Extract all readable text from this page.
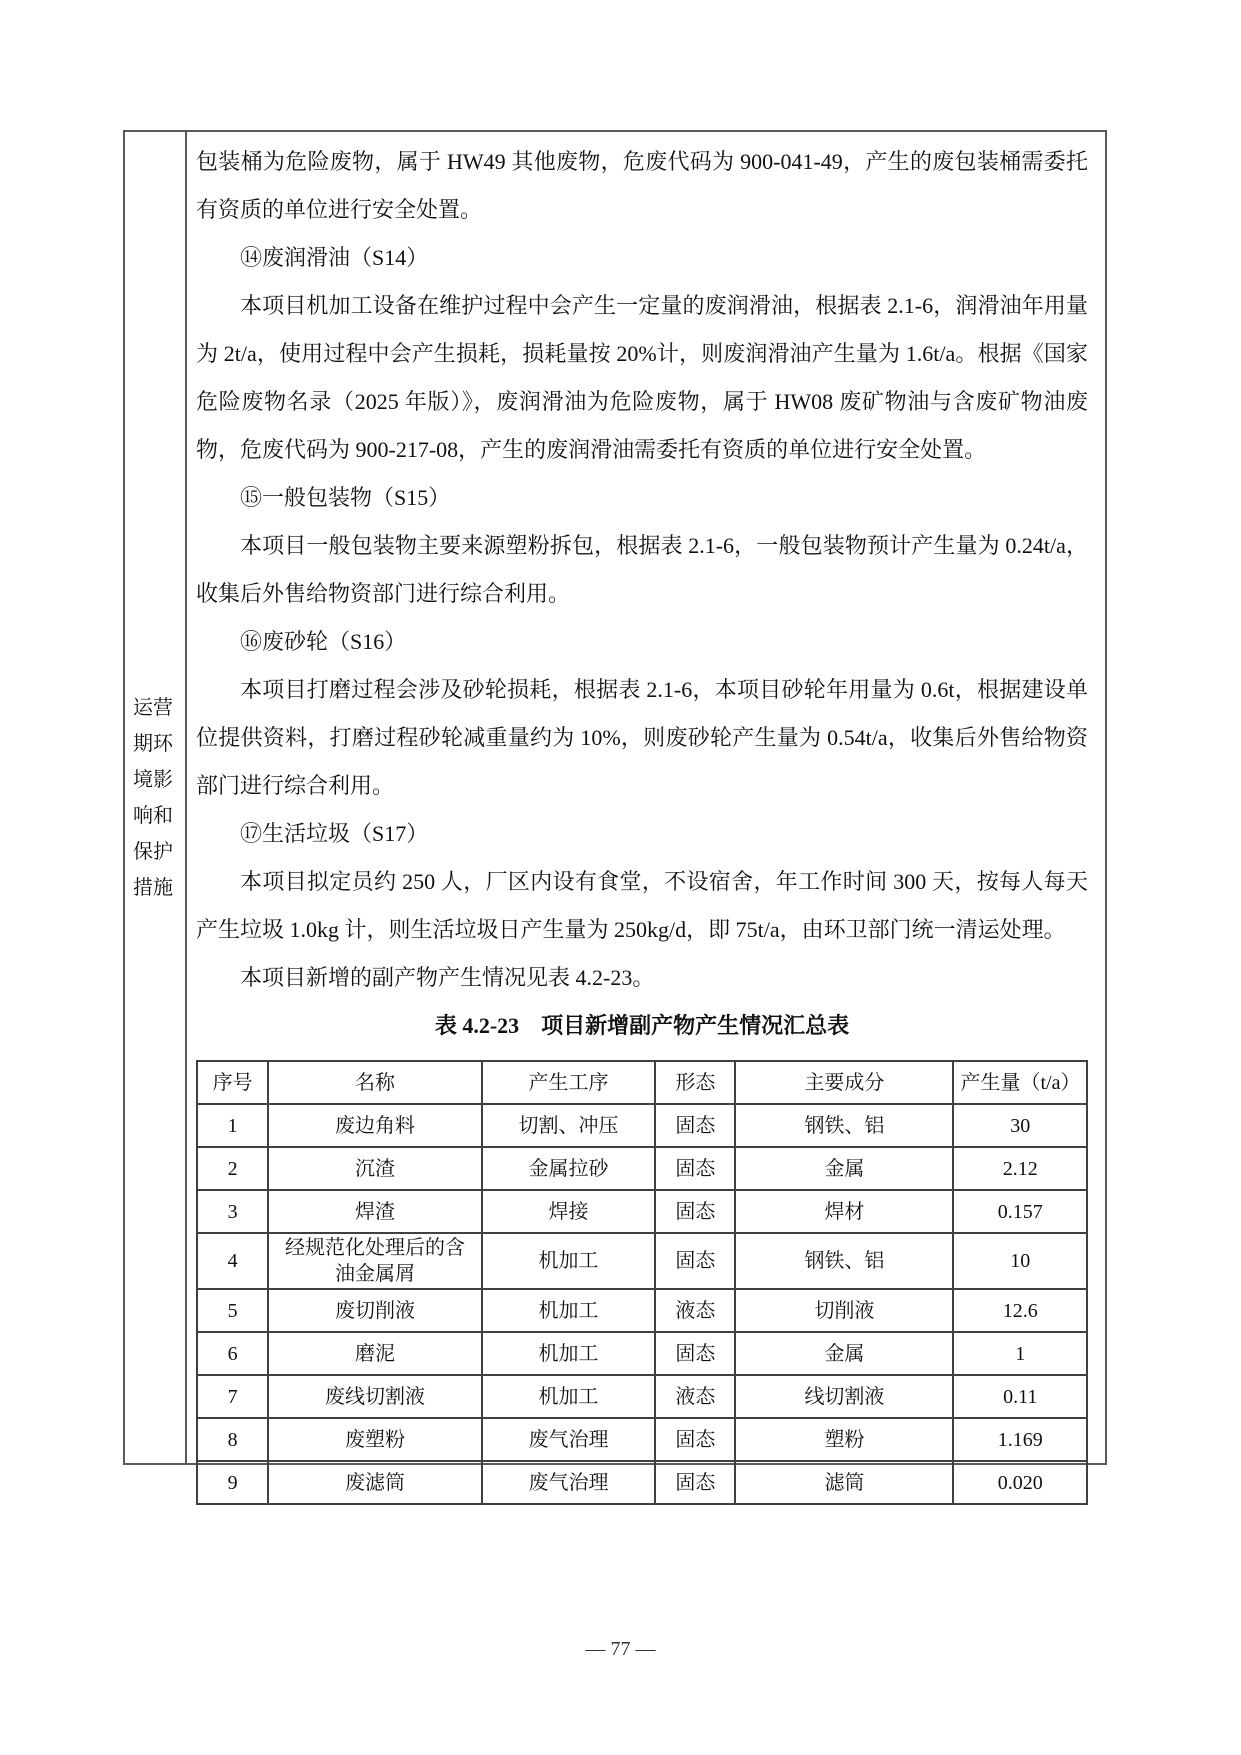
运营期环境影响和保护措施

包装桶为危险废物，属于 HW49 其他废物，危废代码为 900-041-49，产生的废包装桶需委托有资质的单位进行安全处置。

⑭废润滑油（S14）

本项目机加工设备在维护过程中会产生一定量的废润滑油，根据表 2.1-6，润滑油年用量为 2t/a，使用过程中会产生损耗，损耗量按 20%计，则废润滑油产生量为 1.6t/a。根据《国家危险废物名录（2025 年版）》，废润滑油为危险废物，属于 HW08 废矿物油与含废矿物油废物，危废代码为 900-217-08，产生的废润滑油需委托有资质的单位进行安全处置。

⑮一般包装物（S15）

本项目一般包装物主要来源塑粉拆包，根据表 2.1-6，一般包装物预计产生量为 0.24t/a，收集后外售给物资部门进行综合利用。

⑯废砂轮（S16）

本项目打磨过程会涉及砂轮损耗，根据表 2.1-6，本项目砂轮年用量为 0.6t，根据建设单位提供资料，打磨过程砂轮减重量约为 10%，则废砂轮产生量为 0.54t/a，收集后外售给物资部门进行综合利用。

⑰生活垃圾（S17）

本项目拟定员约 250 人，厂区内设有食堂，不设宿舍，年工作时间 300 天，按每人每天产生垃圾 1.0kg 计，则生活垃圾日产生量为 250kg/d，即 75t/a，由环卫部门统一清运处理。

本项目新增的副产物产生情况见表 4.2-23。

表 4.2-23　项目新增副产物产生情况汇总表

序号	名称	产生工序	形态	主要成分	产生量（t/a）
1	废边角料	切割、冲压	固态	钢铁、铝	30
2	沉渣	金属拉砂	固态	金属	2.12
3	焊渣	焊接	固态	焊材	0.157
4	经规范化处理后的含油金属屑	机加工	固态	钢铁、铝	10
5	废切削液	机加工	液态	切削液	12.6
6	磨泥	机加工	固态	金属	1
7	废线切割液	机加工	液态	线切割液	0.11
8	废塑粉	废气治理	固态	塑粉	1.169
9	废滤筒	废气治理	固态	滤筒	0.020
— 77 —
